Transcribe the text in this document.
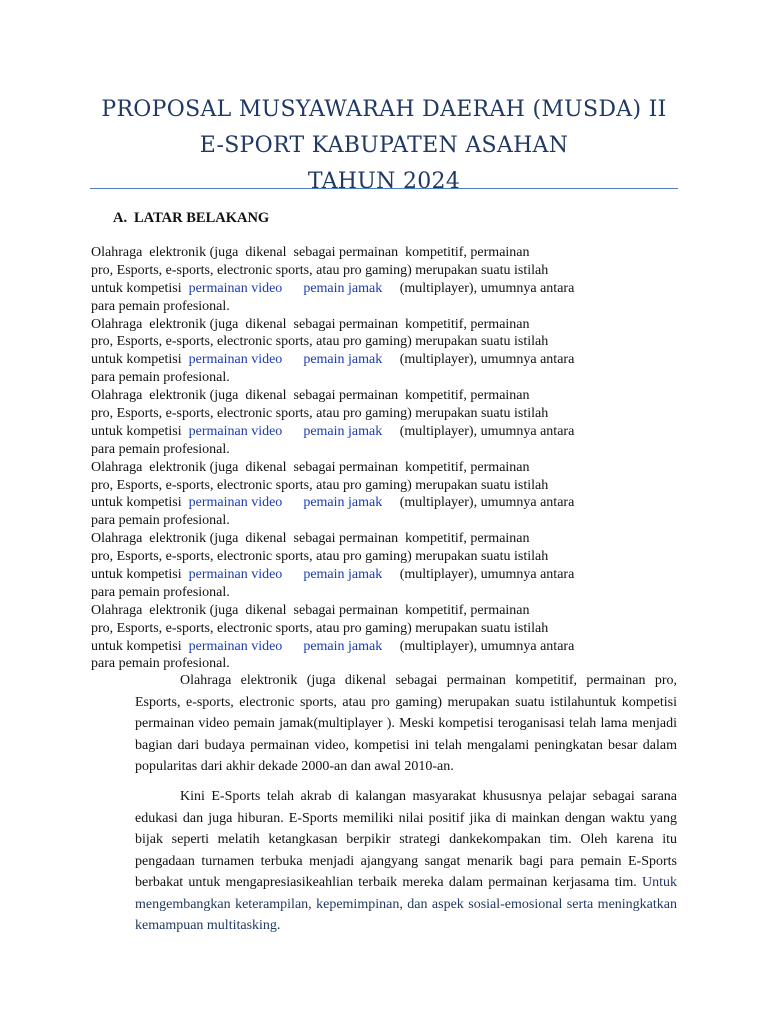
PROPOSAL MUSYAWARAH DAERAH (MUSDA) II
E-SPORT KABUPATEN ASAHAN
TAHUN 2024
A. LATAR BELAKANG
Olahraga  elektronik (juga  dikenal  sebagai permainan  kompetitif, permainan
pro, Esports, e-sports, electronic sports, atau pro gaming) merupakan suatu istilah
untuk kompetisi  permainan video pemain jamak     (multiplayer), umumnya antara
para pemain profesional.
Olahraga  elektronik (juga  dikenal  sebagai permainan  kompetitif, permainan
pro, Esports, e-sports, electronic sports, atau pro gaming) merupakan suatu istilah
untuk kompetisi  permainan video pemain jamak     (multiplayer), umumnya antara
para pemain profesional.
Olahraga  elektronik (juga  dikenal  sebagai permainan  kompetitif, permainan
pro, Esports, e-sports, electronic sports, atau pro gaming) merupakan suatu istilah
untuk kompetisi  permainan video pemain jamak     (multiplayer), umumnya antara
para pemain profesional.
Olahraga  elektronik (juga  dikenal  sebagai permainan  kompetitif, permainan
pro, Esports, e-sports, electronic sports, atau pro gaming) merupakan suatu istilah
untuk kompetisi  permainan video pemain jamak     (multiplayer), umumnya antara
para pemain profesional.
Olahraga  elektronik (juga  dikenal  sebagai permainan  kompetitif, permainan
pro, Esports, e-sports, electronic sports, atau pro gaming) merupakan suatu istilah
untuk kompetisi  permainan video pemain jamak     (multiplayer), umumnya antara
para pemain profesional.
Olahraga  elektronik (juga  dikenal  sebagai permainan  kompetitif, permainan
pro, Esports, e-sports, electronic sports, atau pro gaming) merupakan suatu istilah
untuk kompetisi  permainan video pemain jamak     (multiplayer), umumnya antara
para pemain profesional.
Olahraga elektronik (juga dikenal sebagai permainan kompetitif, permainan pro, Esports, e-sports, electronic sports, atau pro gaming) merupakan suatu istilahuntuk kompetisi permainan video pemain jamak(multiplayer ). Meski kompetisi teroganisasi telah lama menjadi bagian dari budaya permainan video, kompetisi ini telah mengalami peningkatan besar dalam popularitas dari akhir dekade 2000-an dan awal 2010-an.
Kini E-Sports telah akrab di kalangan masyarakat khususnya pelajar sebagai sarana edukasi dan juga hiburan. E-Sports memiliki nilai positif jika di mainkan dengan waktu yang bijak seperti melatih ketangkasan berpikir strategi dankekompakan tim. Oleh karena itu pengadaan turnamen terbuka menjadi ajangyang sangat menarik bagi para pemain E-Sports berbakat untuk mengapresiasikeahlian terbaik mereka dalam permainan kerjasama tim. Untuk mengembangkan keterampilan, kepemimpinan, dan aspek sosial-emosional serta meningkatkan kemampuan multitasking.
